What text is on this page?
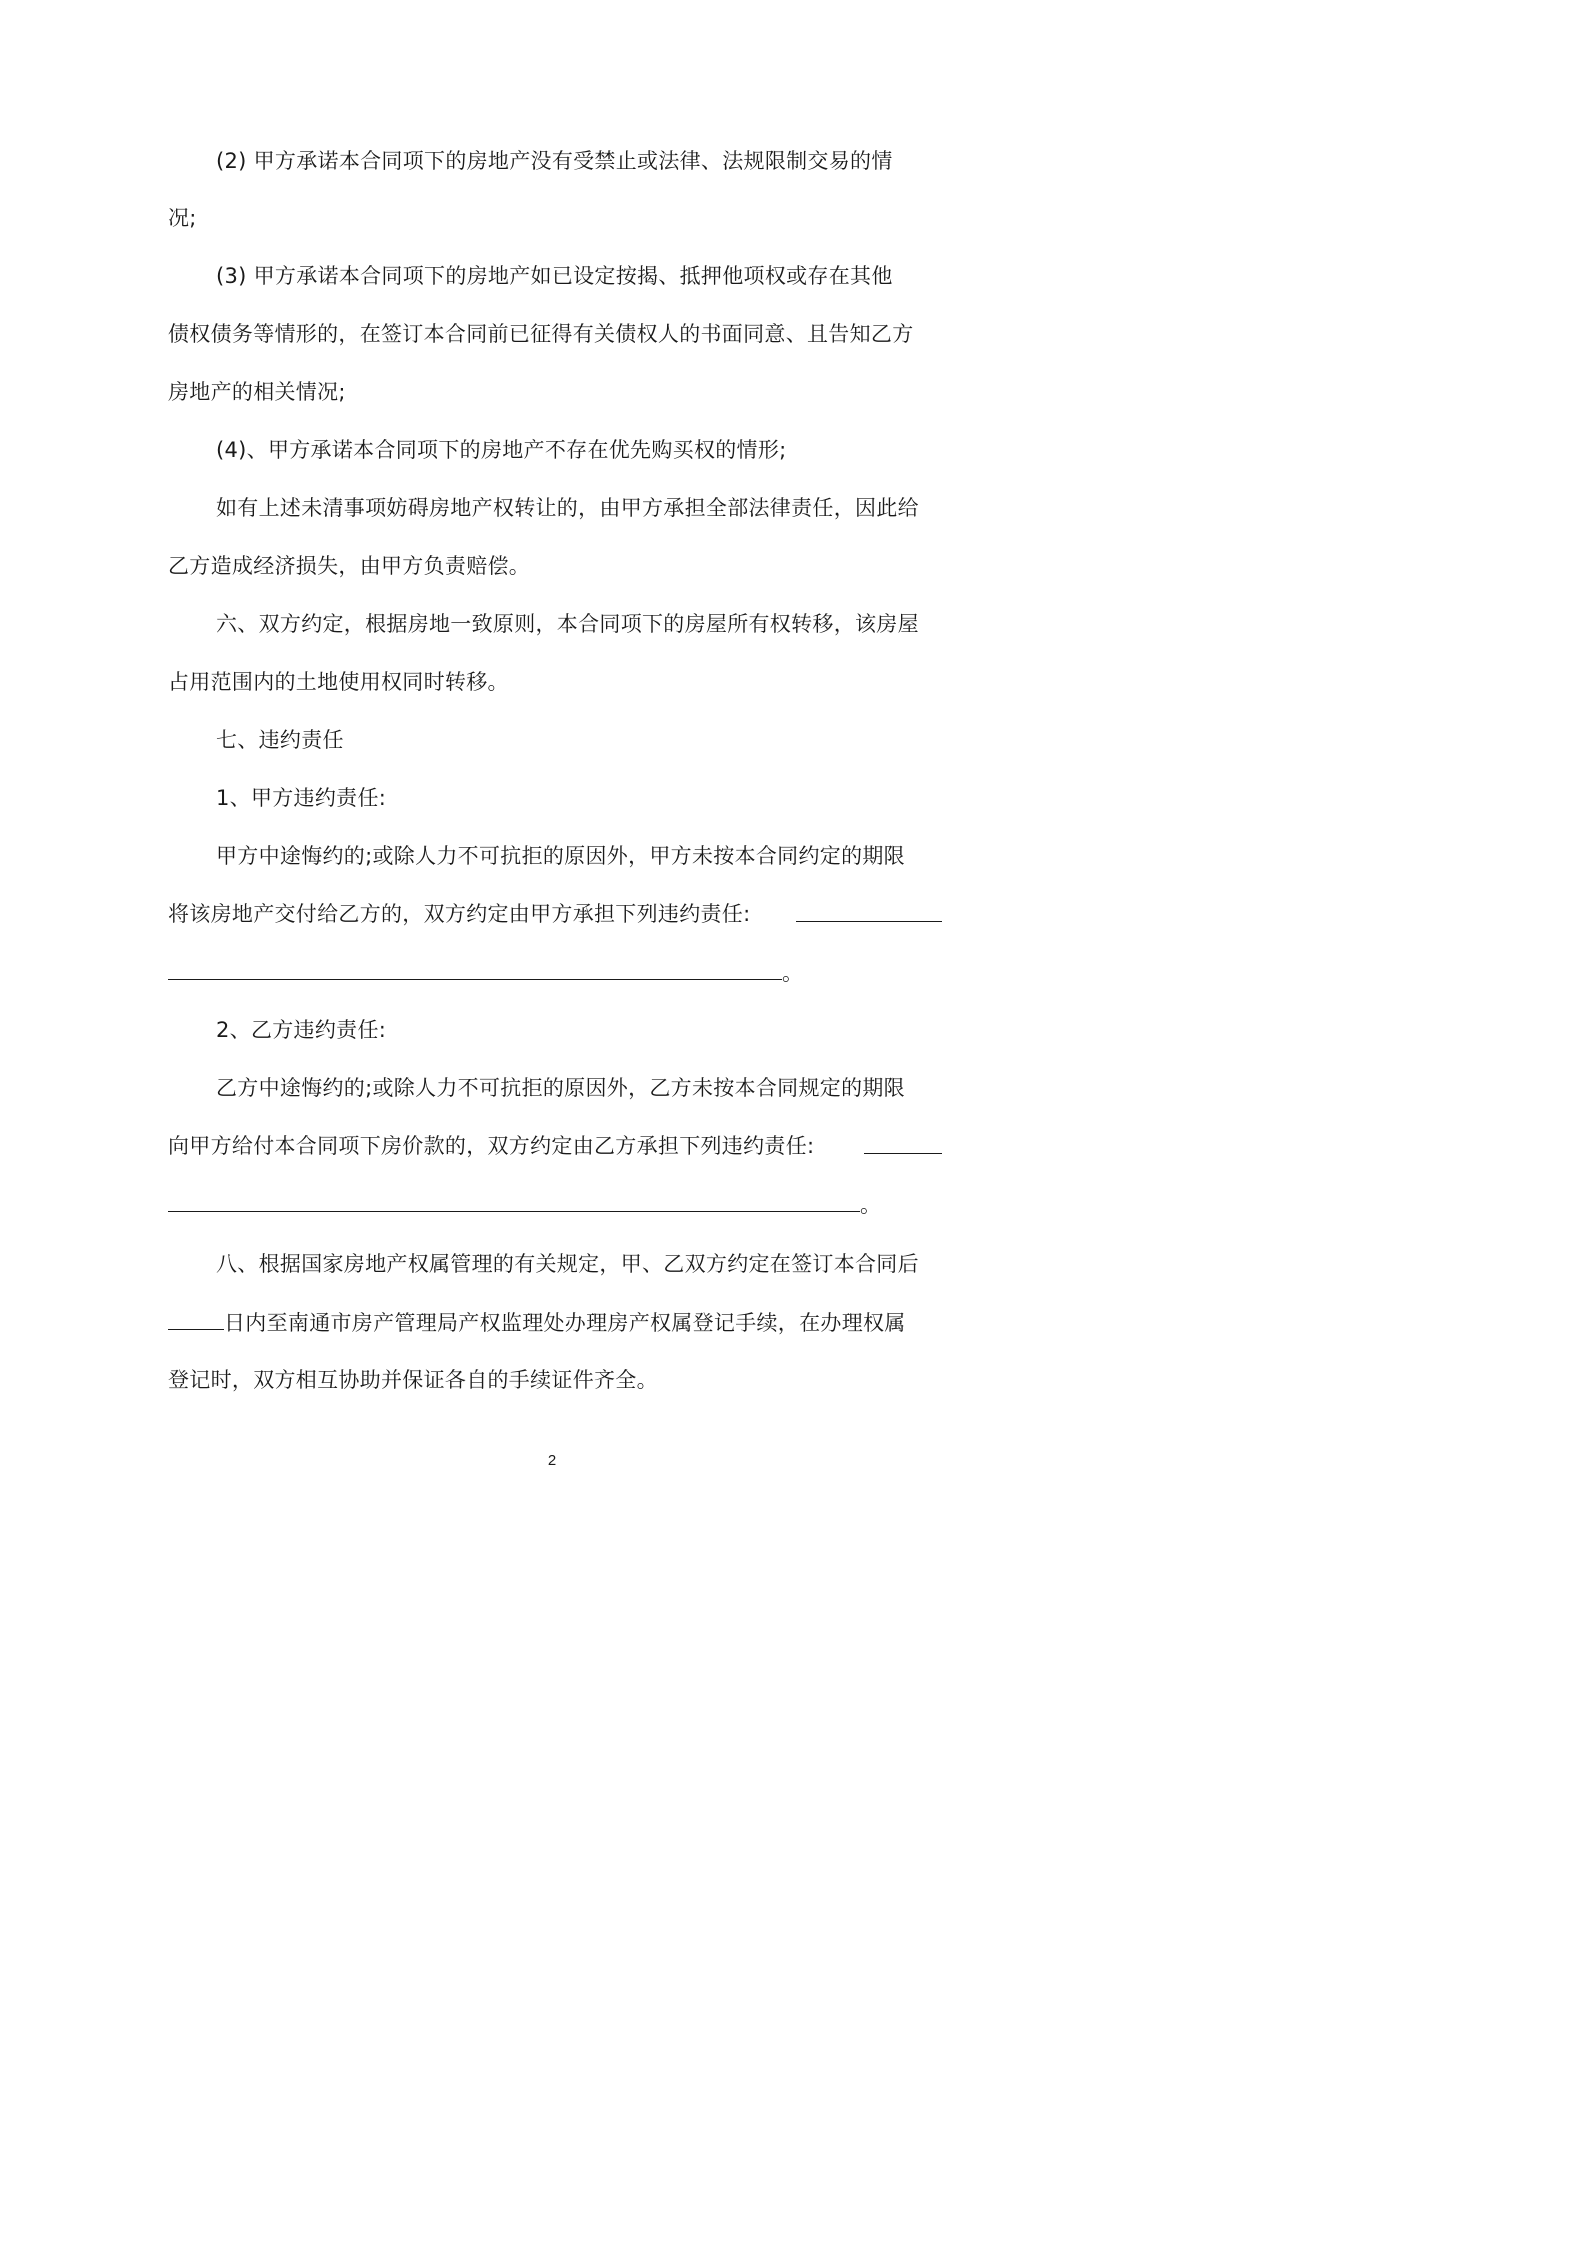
(2) 甲方承诺本合同项下的房地产没有受禁止或法律、法规限制交易的情
况;
(3) 甲方承诺本合同项下的房地产如已设定按揭、抵押他项权或存在其他
债权债务等情形的，在签订本合同前已征得有关债权人的书面同意、且告知乙方
房地产的相关情况;
(4)、甲方承诺本合同项下的房地产不存在优先购买权的情形;
如有上述未清事项妨碍房地产权转让的，由甲方承担全部法律责任，因此给
乙方造成经济损失，由甲方负责赔偿。
六、双方约定，根据房地一致原则，本合同项下的房屋所有权转移，该房屋
占用范围内的土地使用权同时转移。
七、违约责任
1、甲方违约责任:
甲方中途悔约的;或除人力不可抗拒的原因外，甲方未按本合同约定的期限
将该房地产交付给乙方的，双方约定由甲方承担下列违约责任:
。
2、乙方违约责任:
乙方中途悔约的;或除人力不可抗拒的原因外，乙方未按本合同规定的期限
向甲方给付本合同项下房价款的，双方约定由乙方承担下列违约责任:
。
八、根据国家房地产权属管理的有关规定，甲、乙双方约定在签订本合同后
日内至南通市房产管理局产权监理处办理房产权属登记手续，在办理权属
登记时，双方相互协助并保证各自的手续证件齐全。
2
